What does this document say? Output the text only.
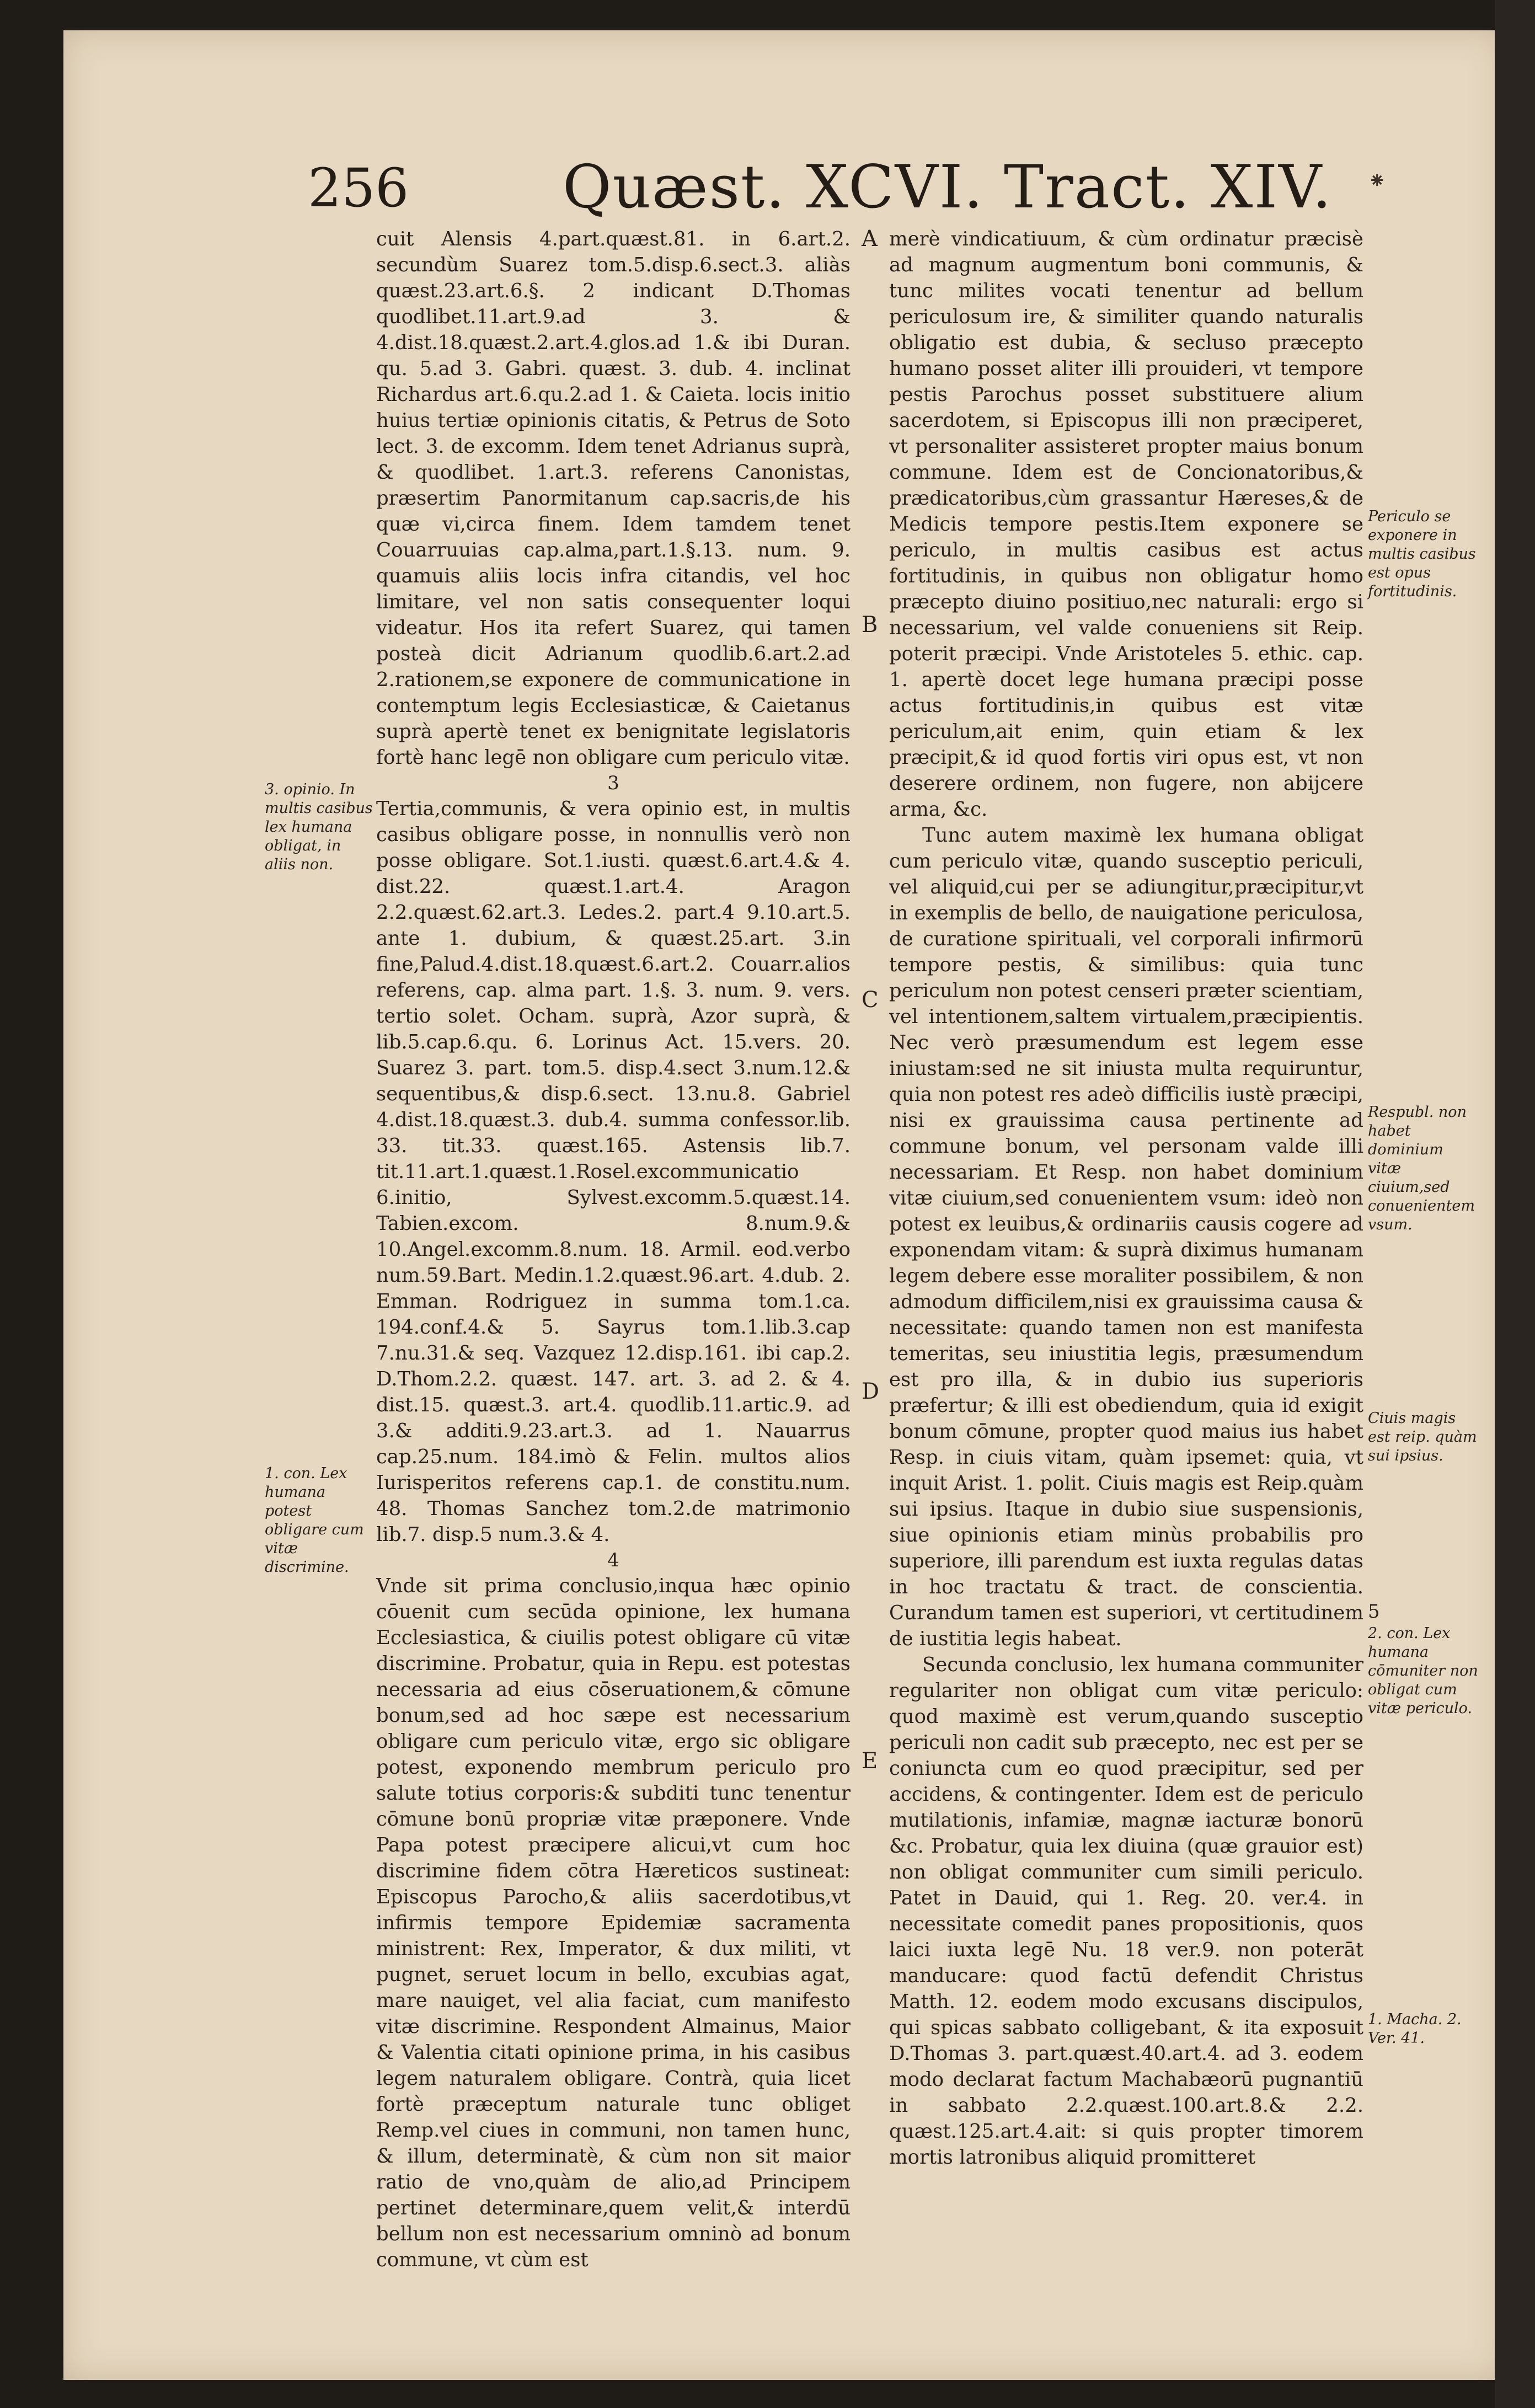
256	Quæst. XCVI. Tract. XIV. ⁕

cuit Alensis 4.part.quæst.81. in 6.art.2. secundùm Suarez tom.5.disp.6.sect.3. aliàs quæst.23.art.6.§. 2 indicant D.Thomas quodlibet.11.art.9.ad 3. & 4.dist.18.quæst.2.art.4.glos.ad 1.& ibi Duran. qu. 5.ad 3. Gabri. quæst. 3. dub. 4. inclinat Richardus art.6.qu.2.ad 1. & Caieta. locis initio huius tertiæ opinionis citatis, & Petrus de Soto lect. 3. de excomm. Idem tenet Adrianus suprà, & quodlibet. 1.art.3. referens Canonistas, præsertim Panormitanum cap.sacris,de his quæ vi,circa finem. Idem tamdem tenet Couarruuias cap.alma,part.1.§.13. num. 9. quamuis aliis locis infra citandis, vel hoc limitare, vel non satis consequenter loqui videatur. Hos ita refert Suarez, qui tamen posteà dicit Adrianum quodlib.6.art.2.ad 2.rationem,se exponere de communicatione in contemptum legis Ecclesiasticæ, & Caietanus suprà apertè tenet ex benignitate legislatoris fortè hanc legē non obligare cum periculo vitæ.

3

Tertia,communis, & vera opinio est, in multis casibus obligare posse, in nonnullis verò non posse obligare. Sot.1.iusti. quæst.6.art.4.& 4. dist.22. quæst.1.art.4. Aragon 2.2.quæst.62.art.3. Ledes.2. part.4 9.10.art.5. ante 1. dubium, & quæst.25.art. 3.in fine,Palud.4.dist.18.quæst.6.art.2. Couarr.alios referens, cap. alma part. 1.§. 3. num. 9. vers. tertio solet. Ocham. suprà, Azor suprà, & lib.5.cap.6.qu. 6. Lorinus Act. 15.vers. 20. Suarez 3. part. tom.5. disp.4.sect 3.num.12.& sequentibus,& disp.6.sect. 13.nu.8. Gabriel 4.dist.18.quæst.3. dub.4. summa confessor.lib. 33. tit.33. quæst.165. Astensis lib.7. tit.11.art.1.quæst.1.Rosel.excommunicatio 6.initio, Sylvest.excomm.5.quæst.14. Tabien.excom. 8.num.9.& 10.Angel.excomm.8.num. 18. Armil. eod.verbo num.59.Bart. Medin.1.2.quæst.96.art. 4.dub. 2. Emman. Rodriguez in summa tom.1.ca. 194.conf.4.& 5. Sayrus tom.1.lib.3.cap 7.nu.31.& seq. Vazquez 12.disp.161. ibi cap.2. D.Thom.2.2. quæst. 147. art. 3. ad 2. & 4. dist.15. quæst.3. art.4. quodlib.11.artic.9. ad 3.& additi.9.23.art.3. ad 1. Nauarrus cap.25.num. 184.imò & Felin. multos alios Iurisperitos referens cap.1. de constitu.num. 48. Thomas Sanchez tom.2.de matrimonio lib.7. disp.5 num.3.& 4.

4

Vnde sit prima conclusio,inqua hæc opinio cōuenit cum secūda opinione, lex humana Ecclesiastica, & ciuilis potest obligare cū vitæ discrimine. Probatur, quia in Repu. est potestas necessaria ad eius cōseruationem,& cōmune bonum,sed ad hoc sæpe est necessarium obligare cum periculo vitæ, ergo sic obligare potest, exponendo membrum periculo pro salute totius corporis:& subditi tunc tenentur cōmune bonū propriæ vitæ præponere. Vnde Papa potest præcipere alicui,vt cum hoc discrimine fidem cōtra Hæreticos sustineat: Episcopus Parocho,& aliis sacerdotibus,vt infirmis tempore Epidemiæ sacramenta ministrent: Rex, Imperator, & dux militi, vt pugnet, seruet locum in bello, excubias agat, mare nauiget, vel alia faciat, cum manifesto vitæ discrimine. Respondent Almainus, Maior & Valentia citati opinione prima, in his casibus legem naturalem obligare. Contrà, quia licet fortè præceptum naturale tunc obliget Remp.vel ciues in communi, non tamen hunc, & illum, determinatè, & cùm non sit maior ratio de vno,quàm de alio,ad Principem pertinet determinare,quem velit,& interdū bellum non est necessarium omninò ad bonum commune, vt cùm est

merè vindicatiuum, & cùm ordinatur præcisè ad magnum augmentum boni communis, & tunc milites vocati tenentur ad bellum periculosum ire, & similiter quando naturalis obligatio est dubia, & secluso præcepto humano posset aliter illi prouideri, vt tempore pestis Parochus posset substituere alium sacerdotem, si Episcopus illi non præciperet, vt personaliter assisteret propter maius bonum commune. Idem est de Concionatoribus,& prædicatoribus,cùm grassantur Hæreses,& de Medicis tempore pestis.Item exponere se periculo, in multis casibus est actus fortitudinis, in quibus non obligatur homo præcepto diuino positiuo,nec naturali: ergo si necessarium, vel valde conueniens sit Reip. poterit præcipi. Vnde Aristoteles 5. ethic. cap. 1. apertè docet lege humana præcipi posse actus fortitudinis,in quibus est vitæ periculum,ait enim, quin etiam & lex præcipit,& id quod fortis viri opus est, vt non deserere ordinem, non fugere, non abijcere arma, &c.

Tunc autem maximè lex humana obligat cum periculo vitæ, quando susceptio periculi, vel aliquid,cui per se adiungitur,præcipitur,vt in exemplis de bello, de nauigatione periculosa, de curatione spirituali, vel corporali infirmorū tempore pestis, & similibus: quia tunc periculum non potest censeri præter scientiam, vel intentionem,saltem virtualem,præcipientis. Nec verò præsumendum est legem esse iniustam:sed ne sit iniusta multa requiruntur, quia non potest res adeò difficilis iustè præcipi, nisi ex grauissima causa pertinente ad commune bonum, vel personam valde illi necessariam. Et Resp. non habet dominium vitæ ciuium,sed conuenientem vsum: ideò non potest ex leuibus,& ordinariis causis cogere ad exponendam vitam: & suprà diximus humanam legem debere esse moraliter possibilem, & non admodum difficilem,nisi ex grauissima causa & necessitate: quando tamen non est manifesta temeritas, seu iniustitia legis, præsumendum est pro illa, & in dubio ius superioris præfertur; & illi est obediendum, quia id exigit bonum cōmune, propter quod maius ius habet Resp. in ciuis vitam, quàm ipsemet: quia, vt inquit Arist. 1. polit. Ciuis magis est Reip.quàm sui ipsius. Itaque in dubio siue suspensionis, siue opinionis etiam minùs probabilis pro superiore, illi parendum est iuxta regulas datas in hoc tractatu & tract. de conscientia. Curandum tamen est superiori, vt certitudinem de iustitia legis habeat.

Secunda conclusio, lex humana communiter regulariter non obligat cum vitæ periculo: quod maximè est verum,quando susceptio periculi non cadit sub præcepto, nec est per se coniuncta cum eo quod præcipitur, sed per accidens, & contingenter. Idem est de periculo mutilationis, infamiæ, magnæ iacturæ bonorū &c. Probatur, quia lex diuina (quæ grauior est) non obligat communiter cum simili periculo. Patet in Dauid, qui 1. Reg. 20. ver.4. in necessitate comedit panes propositionis, quos laici iuxta legē Nu. 18 ver.9. non poterāt manducare: quod factū defendit Christus Matth. 12. eodem modo excusans discipulos, qui spicas sabbato colligebant, & ita exposuit D.Thomas 3. part.quæst.40.art.4. ad 3. eodem modo declarat factum Machabæorū pugnantiū in sabbato 2.2.quæst.100.art.8.& 2.2. quæst.125.art.4.ait: si quis propter timorem mortis latronibus aliquid promitteret

A
B
C
D
E
3. opinio. In multis casibus lex humana obligat, in aliis non.
1. con. Lex humana potest obligare cum vitæ discrimine.
Periculo se exponere in multis casibus est opus fortitudinis.
Respubl. non habet dominium vitæ ciuium,sed conuenientem vsum.
Ciuis magis est reip. quàm sui ipsius.
5
2. con. Lex humana cōmuniter non obligat cum vitæ periculo.
1. Macha. 2. Ver. 41.
